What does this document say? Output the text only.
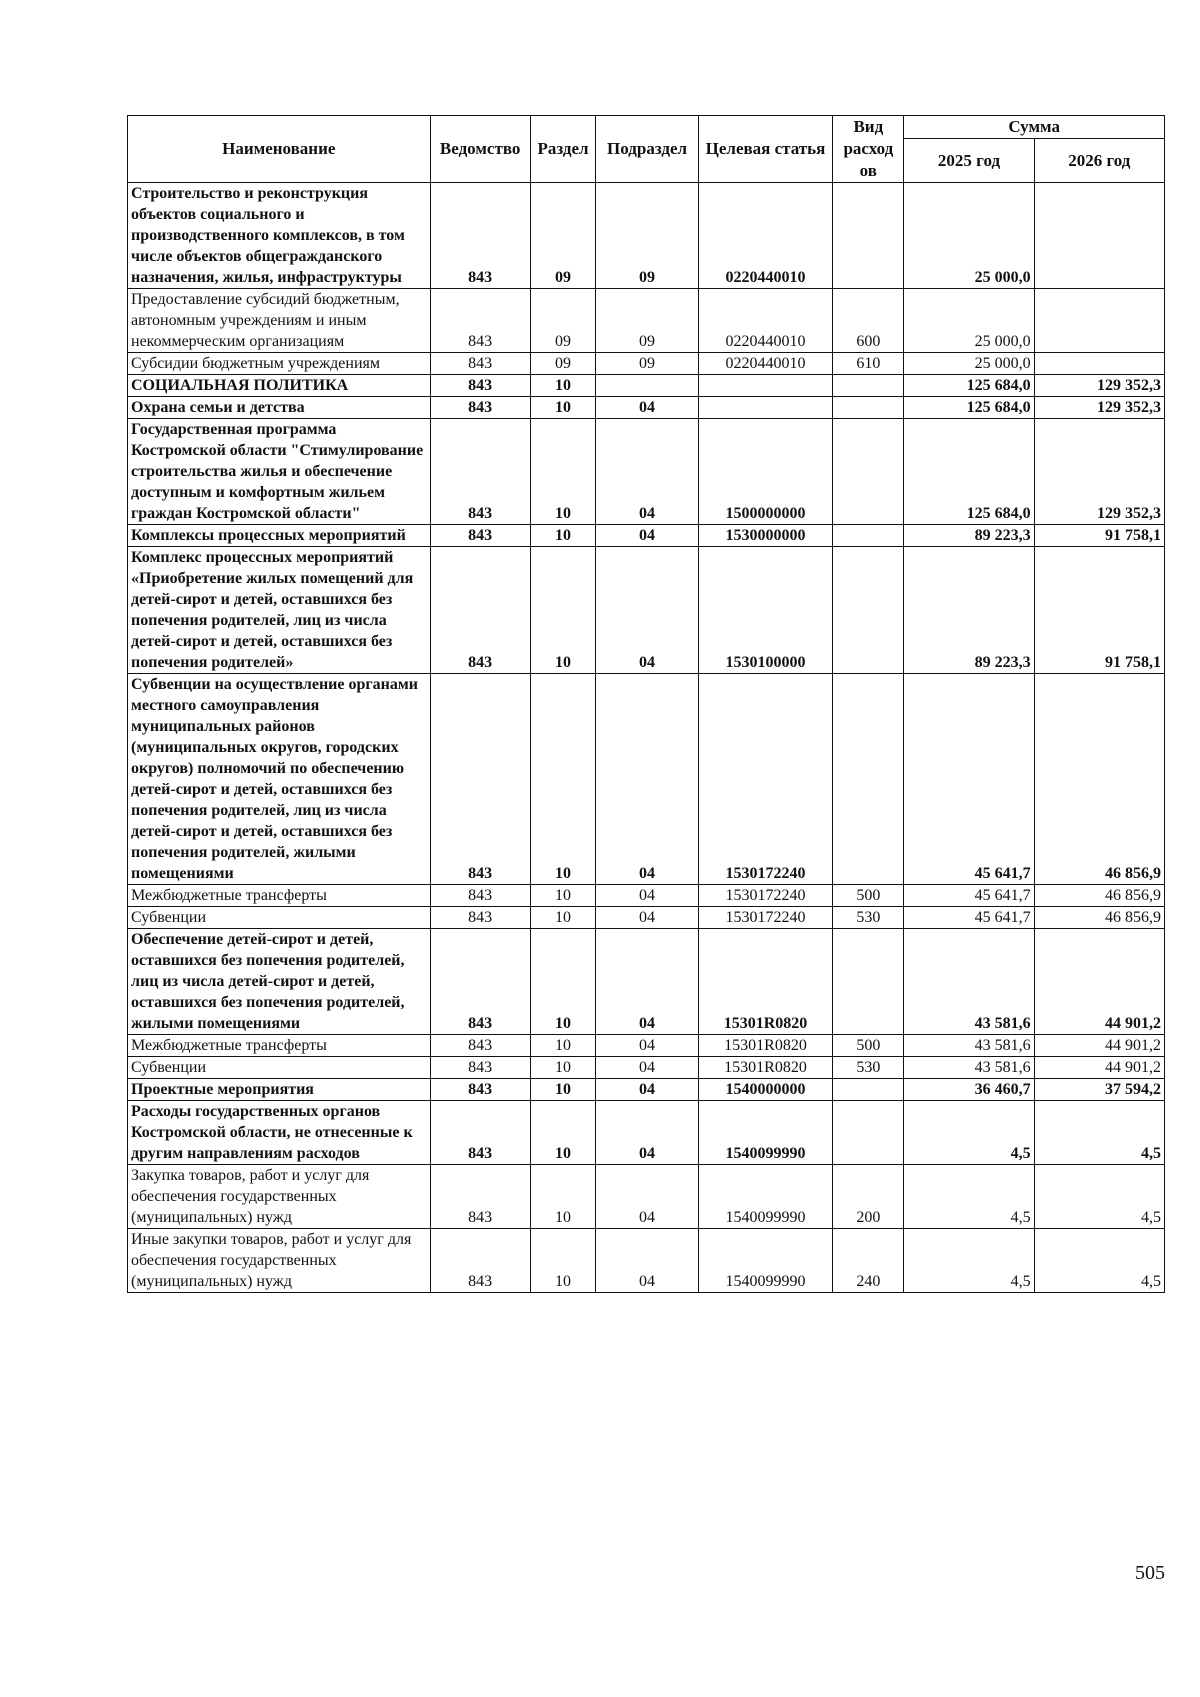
Наименование	Ведомство	Раздел	Подраздел	Целевая статья	Вид расход ов	Сумма	
						2025 год	2026 год
Строительство и реконструкция объектов социального и производственного комплексов, в том числе объектов общегражданского назначения, жилья, инфраструктуры	843	09	09	0220440010		25 000,0	
Предоставление субсидий бюджетным, автономным учреждениям и иным некоммерческим организациям	843	09	09	0220440010	600	25 000,0	
Субсидии бюджетным учреждениям	843	09	09	0220440010	610	25 000,0	
СОЦИАЛЬНАЯ ПОЛИТИКА	843	10				125 684,0	129 352,3
Охрана семьи и детства	843	10	04			125 684,0	129 352,3
Государственная программа Костромской области "Стимулирование строительства жилья и обеспечение доступным и комфортным жильем граждан Костромской области"	843	10	04	1500000000		125 684,0	129 352,3
Комплексы процессных мероприятий	843	10	04	1530000000		89 223,3	91 758,1
Комплекс процессных мероприятий «Приобретение жилых помещений для детей-сирот и детей, оставшихся без попечения родителей, лиц из числа детей-сирот и детей, оставшихся без попечения родителей»	843	10	04	1530100000		89 223,3	91 758,1
Субвенции на осуществление органами местного самоуправления муниципальных районов (муниципальных округов, городских округов) полномочий по обеспечению детей-сирот и детей, оставшихся без попечения родителей, лиц из числа детей-сирот и детей, оставшихся без попечения родителей, жилыми помещениями	843	10	04	1530172240		45 641,7	46 856,9
Межбюджетные трансферты	843	10	04	1530172240	500	45 641,7	46 856,9
Субвенции	843	10	04	1530172240	530	45 641,7	46 856,9
Обеспечение детей-сирот и детей, оставшихся без попечения родителей, лиц из числа детей-сирот и детей, оставшихся без попечения родителей, жилыми помещениями	843	10	04	15301R0820		43 581,6	44 901,2
Межбюджетные трансферты	843	10	04	15301R0820	500	43 581,6	44 901,2
Субвенции	843	10	04	15301R0820	530	43 581,6	44 901,2
Проектные мероприятия	843	10	04	1540000000		36 460,7	37 594,2
Расходы государственных органов Костромской области, не отнесенные к другим направлениям расходов	843	10	04	1540099990		4,5	4,5
Закупка товаров, работ и услуг для обеспечения государственных (муниципальных) нужд	843	10	04	1540099990	200	4,5	4,5
Иные закупки товаров, работ и услуг для обеспечения государственных (муниципальных) нужд	843	10	04	1540099990	240	4,5	4,5
505
